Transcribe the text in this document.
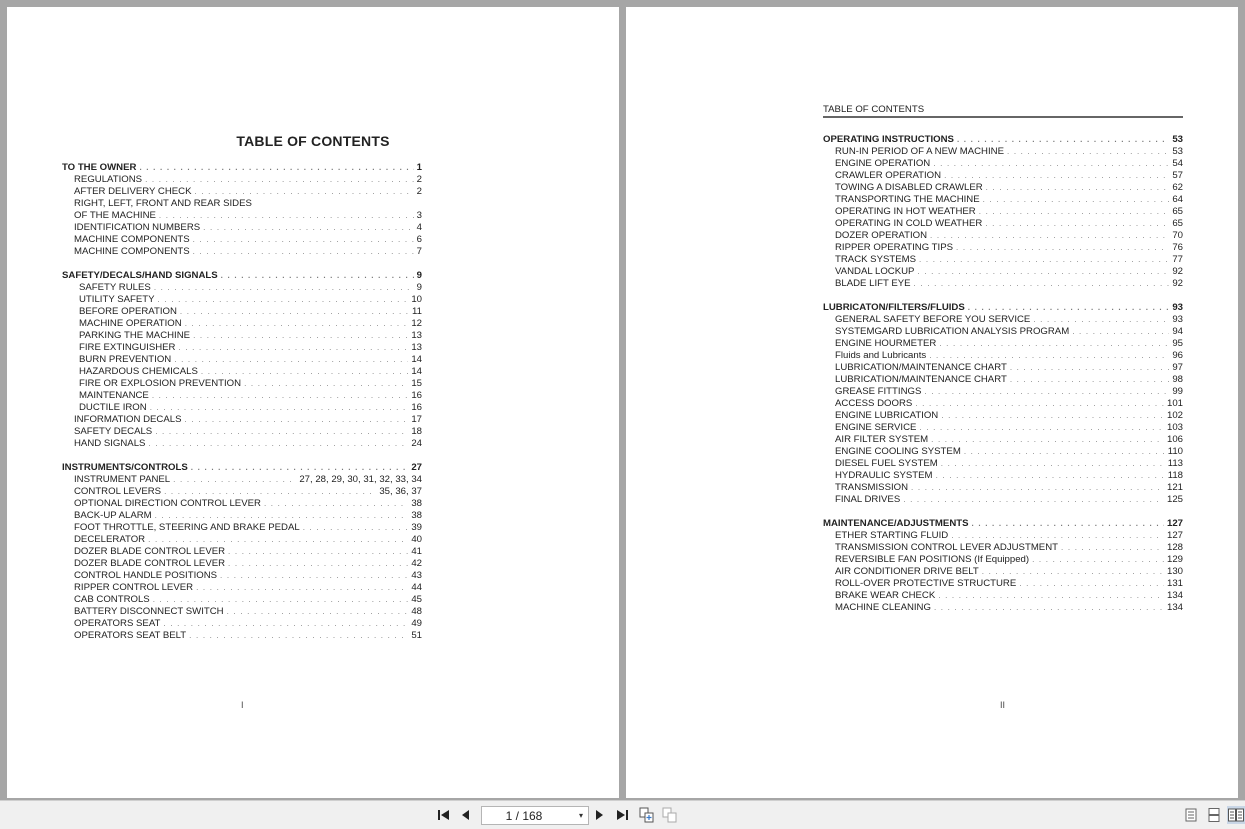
TABLE OF CONTENTS
TO THE OWNER . . .	1
REGULATIONS . . .	2
AFTER DELIVERY CHECK . . .	2
RIGHT, LEFT, FRONT AND REAR SIDES
OF THE MACHINE . . .	3
IDENTIFICATION NUMBERS . . .	4
MACHINE COMPONENTS . . .	6
MACHINE COMPONENTS . . .	7
SAFETY/DECALS/HAND SIGNALS . . .	9
SAFETY RULES . . .	9
UTILITY SAFETY . . .	10
BEFORE OPERATION . . .	11
MACHINE OPERATION . . .	12
PARKING THE MACHINE . . .	13
FIRE EXTINGUISHER . . .	13
BURN PREVENTION . . .	14
HAZARDOUS CHEMICALS . . .	14
FIRE OR EXPLOSION PREVENTION . . .	15
MAINTENANCE . . .	16
DUCTILE IRON . . .	16
INFORMATION DECALS . . .	17
SAFETY DECALS . . .	18
HAND SIGNALS . . .	24
INSTRUMENTS/CONTROLS . . .	27
INSTRUMENT PANEL . . .	27, 28, 29, 30, 31, 32, 33, 34
CONTROL LEVERS . . .	35, 36, 37
OPTIONAL DIRECTION CONTROL LEVER . . .	38
BACK-UP ALARM . . .	38
FOOT THROTTLE, STEERING AND BRAKE PEDAL . . .	39
DECELERATOR . . .	40
DOZER BLADE CONTROL LEVER . . .	41
DOZER BLADE CONTROL LEVER . . .	42
CONTROL HANDLE POSITIONS . . .	43
RIPPER CONTROL LEVER . . .	44
CAB CONTROLS . . .	45
BATTERY DISCONNECT SWITCH . . .	48
OPERATORS SEAT . . .	49
OPERATORS SEAT BELT . . .	51
I
TABLE OF CONTENTS
OPERATING INSTRUCTIONS . . .	53
RUN-IN PERIOD OF A NEW MACHINE . . .	53
ENGINE OPERATION . . .	54
CRAWLER OPERATION . . .	57
TOWING A DISABLED CRAWLER . . .	62
TRANSPORTING THE MACHINE . . .	64
OPERATING IN HOT WEATHER . . .	65
OPERATING IN COLD WEATHER . . .	65
DOZER OPERATION . . .	70
RIPPER OPERATING TIPS . . .	76
TRACK SYSTEMS . . .	77
VANDAL LOCKUP . . .	92
BLADE LIFT EYE . . .	92
LUBRICATON/FILTERS/FLUIDS . . .	93
GENERAL SAFETY BEFORE YOU SERVICE . . .	93
SYSTEMGARD LUBRICATION ANALYSIS PROGRAM . . .	94
ENGINE HOURMETER . . .	95
Fluids and Lubricants . . .	96
LUBRICATION/MAINTENANCE CHART . . .	97
LUBRICATION/MAINTENANCE CHART . . .	98
GREASE FITTINGS . . .	99
ACCESS DOORS . . .	101
ENGINE LUBRICATION . . .	102
ENGINE SERVICE . . .	103
AIR FILTER SYSTEM . . .	106
ENGINE COOLING SYSTEM . . .	110
DIESEL FUEL SYSTEM . . .	113
HYDRAULIC SYSTEM . . .	118
TRANSMISSION . . .	121
FINAL DRIVES . . .	125
MAINTENANCE/ADJUSTMENTS . . .	127
ETHER STARTING FLUID . . .	127
TRANSMISSION CONTROL LEVER ADJUSTMENT . . .	128
REVERSIBLE FAN POSITIONS (If Equipped) . . .	129
AIR CONDITIONER DRIVE BELT . . .	130
ROLL-OVER PROTECTIVE STRUCTURE . . .	131
BRAKE WEAR CHECK . . .	134
MACHINE CLEANING . . .	134
II
1 / 168	▾
